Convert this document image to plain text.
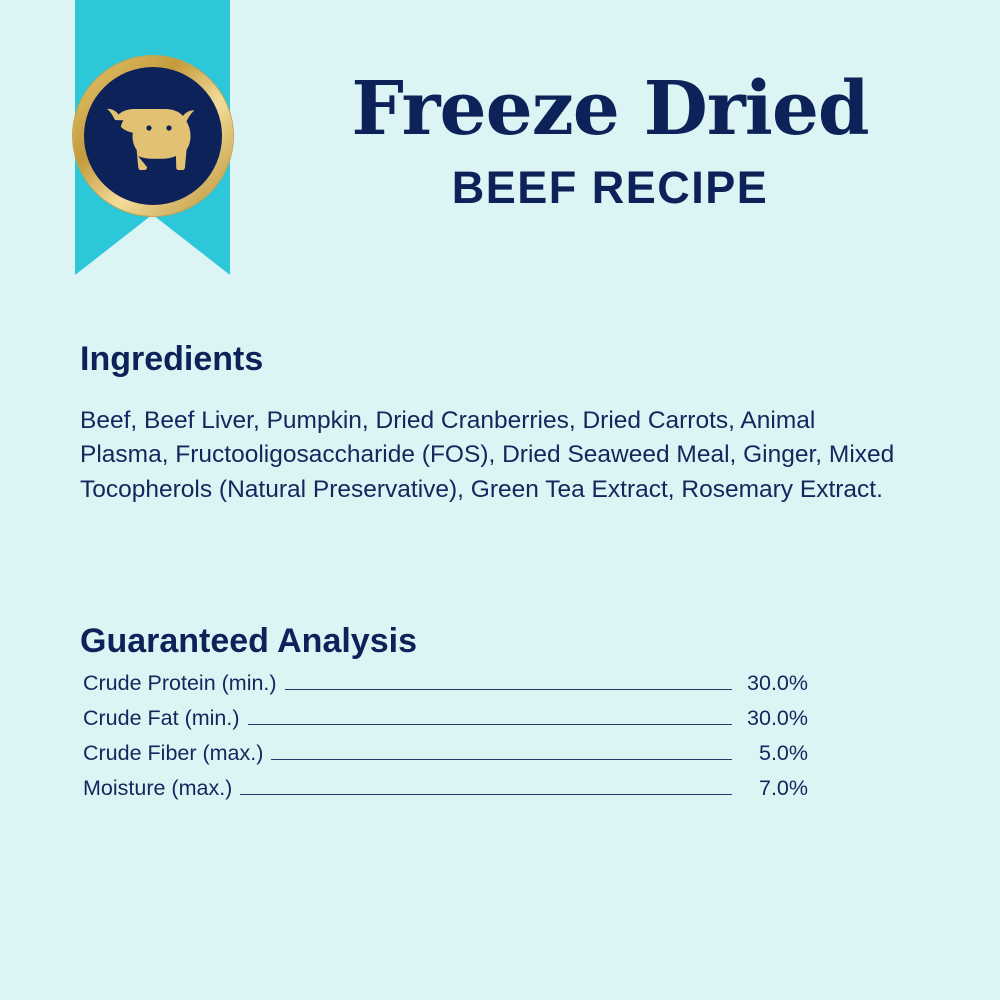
Freeze Dried
BEEF RECIPE
Ingredients

Beef, Beef Liver, Pumpkin, Dried Cranberries, Dried Carrots, Animal Plasma, Fructooligosaccharide (FOS), Dried Seaweed Meal, Ginger, Mixed Tocopherols (Natural Preservative), Green Tea Extract, Rosemary Extract.

Guaranteed Analysis
Crude Protein (min.)	30.0%
Crude Fat (min.)	30.0%
Crude Fiber (max.)	5.0%
Moisture (max.)	7.0%
